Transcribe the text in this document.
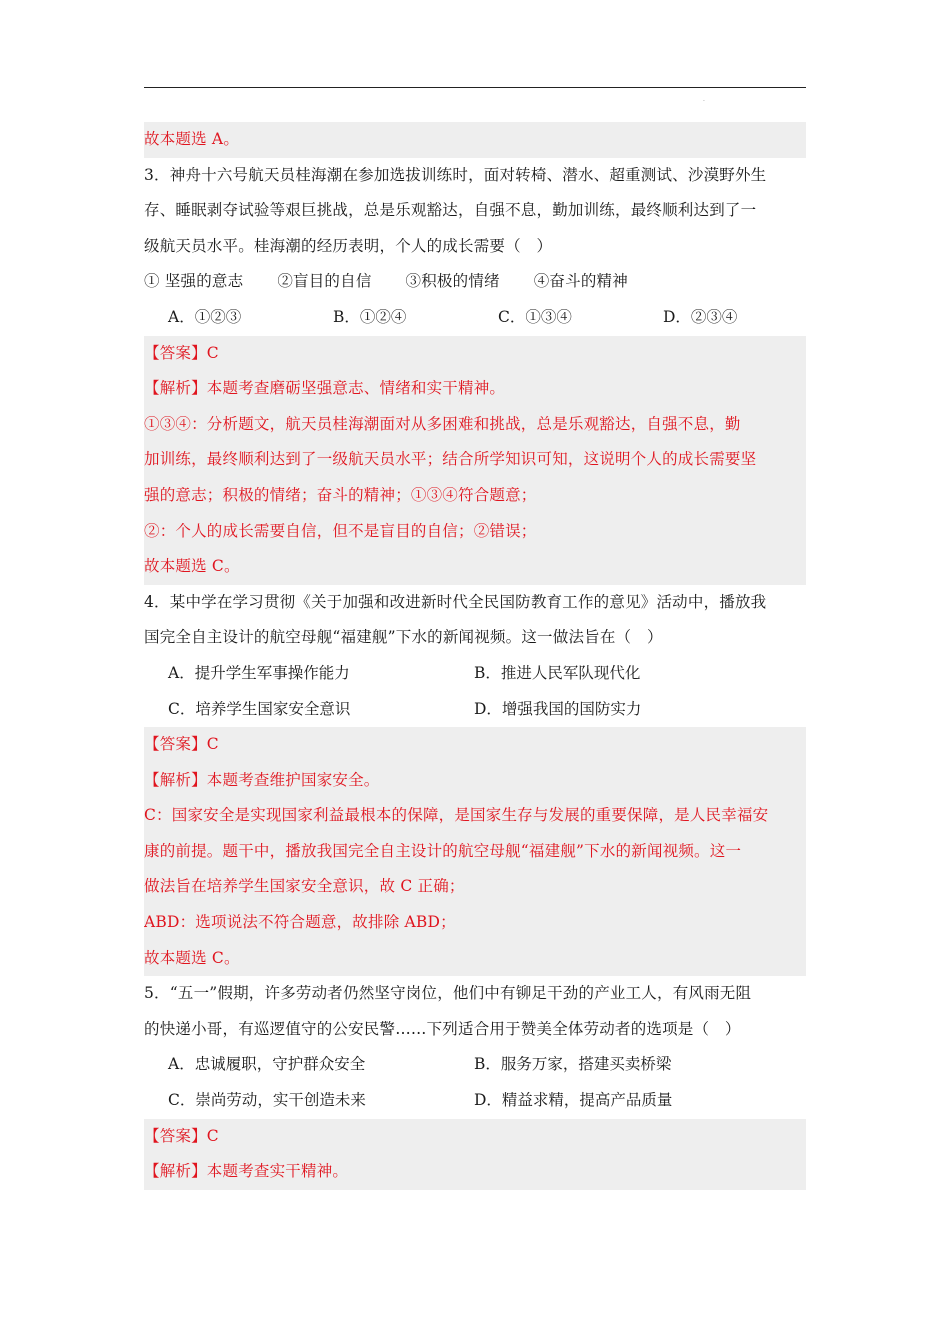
.
故本题选 A。
3．神舟十六号航天员桂海潮在参加选拔训练时，面对转椅、潜水、超重测试、沙漠野外生
存、睡眠剥夺试验等艰巨挑战，总是乐观豁达，自强不息，勤加训练，最终顺利达到了一
级航天员水平。桂海潮的经历表明，个人的成长需要（　）
① 坚强的意志 ②盲目的自信 ③积极的情绪 ④奋斗的精神
A．①②③	B．①②④	C．①③④	D．②③④
【答案】C
【解析】本题考查磨砺坚强意志、情绪和实干精神。
①③④：分析题文，航天员桂海潮面对从多困难和挑战，总是乐观豁达，自强不息，勤
加训练，最终顺利达到了一级航天员水平；结合所学知识可知，这说明个人的成长需要坚
强的意志；积极的情绪；奋斗的精神；①③④符合题意；
②：个人的成长需要自信，但不是盲目的自信；②错误；
故本题选 C。
4．某中学在学习贯彻《关于加强和改进新时代全民国防教育工作的意见》活动中，播放我
国完全自主设计的航空母舰“福建舰”下水的新闻视频。这一做法旨在（　）
A．提升学生军事操作能力	B．推进人民军队现代化
C．培养学生国家安全意识	D．增强我国的国防实力
【答案】C
【解析】本题考查维护国家安全。
C：国家安全是实现国家利益最根本的保障，是国家生存与发展的重要保障，是人民幸福安
康的前提。题干中，播放我国完全自主设计的航空母舰“福建舰”下水的新闻视频。这一
做法旨在培养学生国家安全意识，故 C 正确；
ABD：选项说法不符合题意，故排除 ABD；
故本题选 C。
5．“五一”假期，许多劳动者仍然坚守岗位，他们中有铆足干劲的产业工人，有风雨无阻
的快递小哥，有巡逻值守的公安民警……下列适合用于赞美全体劳动者的选项是（　）
A．忠诚履职，守护群众安全	B．服务万家，搭建买卖桥梁
C．崇尚劳动，实干创造未来	D．精益求精，提高产品质量
【答案】C
【解析】本题考查实干精神。
